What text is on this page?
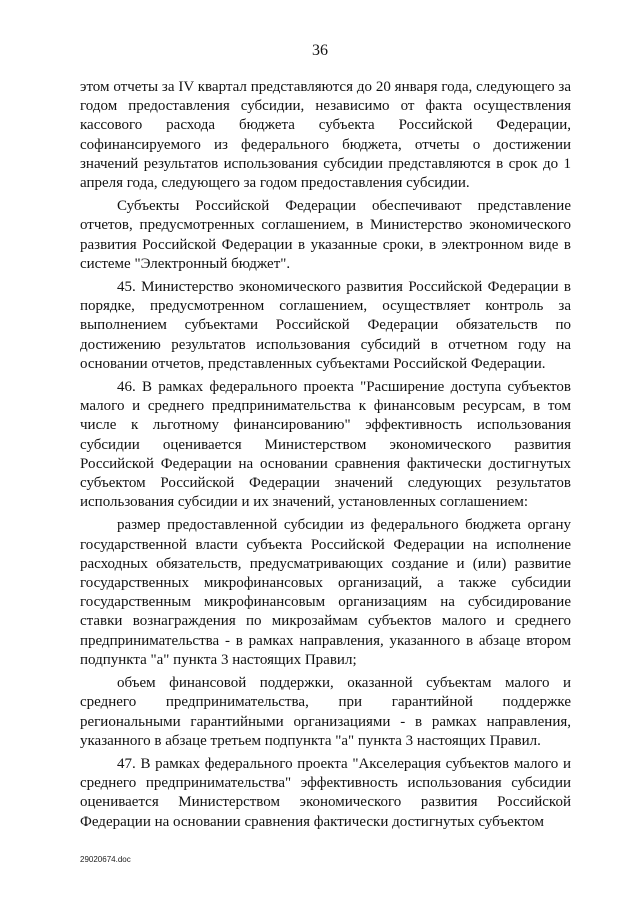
36

этом отчеты за IV квартал представляются до 20 января года, следующего за годом предоставления субсидии, независимо от факта осуществления кассового расхода бюджета субъекта Российской Федерации, софинансируемого из федерального бюджета, отчеты о достижении значений результатов использования субсидии представляются в срок до 1 апреля года, следующего за годом предоставления субсидии.

Субъекты Российской Федерации обеспечивают представление отчетов, предусмотренных соглашением, в Министерство экономического развития Российской Федерации в указанные сроки, в электронном виде в системе "Электронный бюджет".

45. Министерство экономического развития Российской Федерации в порядке, предусмотренном соглашением, осуществляет контроль за выполнением субъектами Российской Федерации обязательств по достижению результатов использования субсидий в отчетном году на основании отчетов, представленных субъектами Российской Федерации.

46. В рамках федерального проекта "Расширение доступа субъектов малого и среднего предпринимательства к финансовым ресурсам, в том числе к льготному финансированию" эффективность использования субсидии оценивается Министерством экономического развития Российской Федерации на основании сравнения фактически достигнутых субъектом Российской Федерации значений следующих результатов использования субсидии и их значений, установленных соглашением:

размер предоставленной субсидии из федерального бюджета органу государственной власти субъекта Российской Федерации на исполнение расходных обязательств, предусматривающих создание и (или) развитие государственных микрофинансовых организаций, а также субсидии государственным микрофинансовым организациям на субсидирование ставки вознаграждения по микрозаймам субъектов малого и среднего предпринимательства - в рамках направления, указанного в абзаце втором подпункта "а" пункта 3 настоящих Правил;

объем финансовой поддержки, оказанной субъектам малого и среднего предпринимательства, при гарантийной поддержке региональными гарантийными организациями - в рамках направления, указанного в абзаце третьем подпункта "а" пункта 3 настоящих Правил.

47. В рамках федерального проекта "Акселерация субъектов малого и среднего предпринимательства" эффективность использования субсидии оценивается Министерством экономического развития Российской Федерации на основании сравнения фактически достигнутых субъектом

29020674.doc
